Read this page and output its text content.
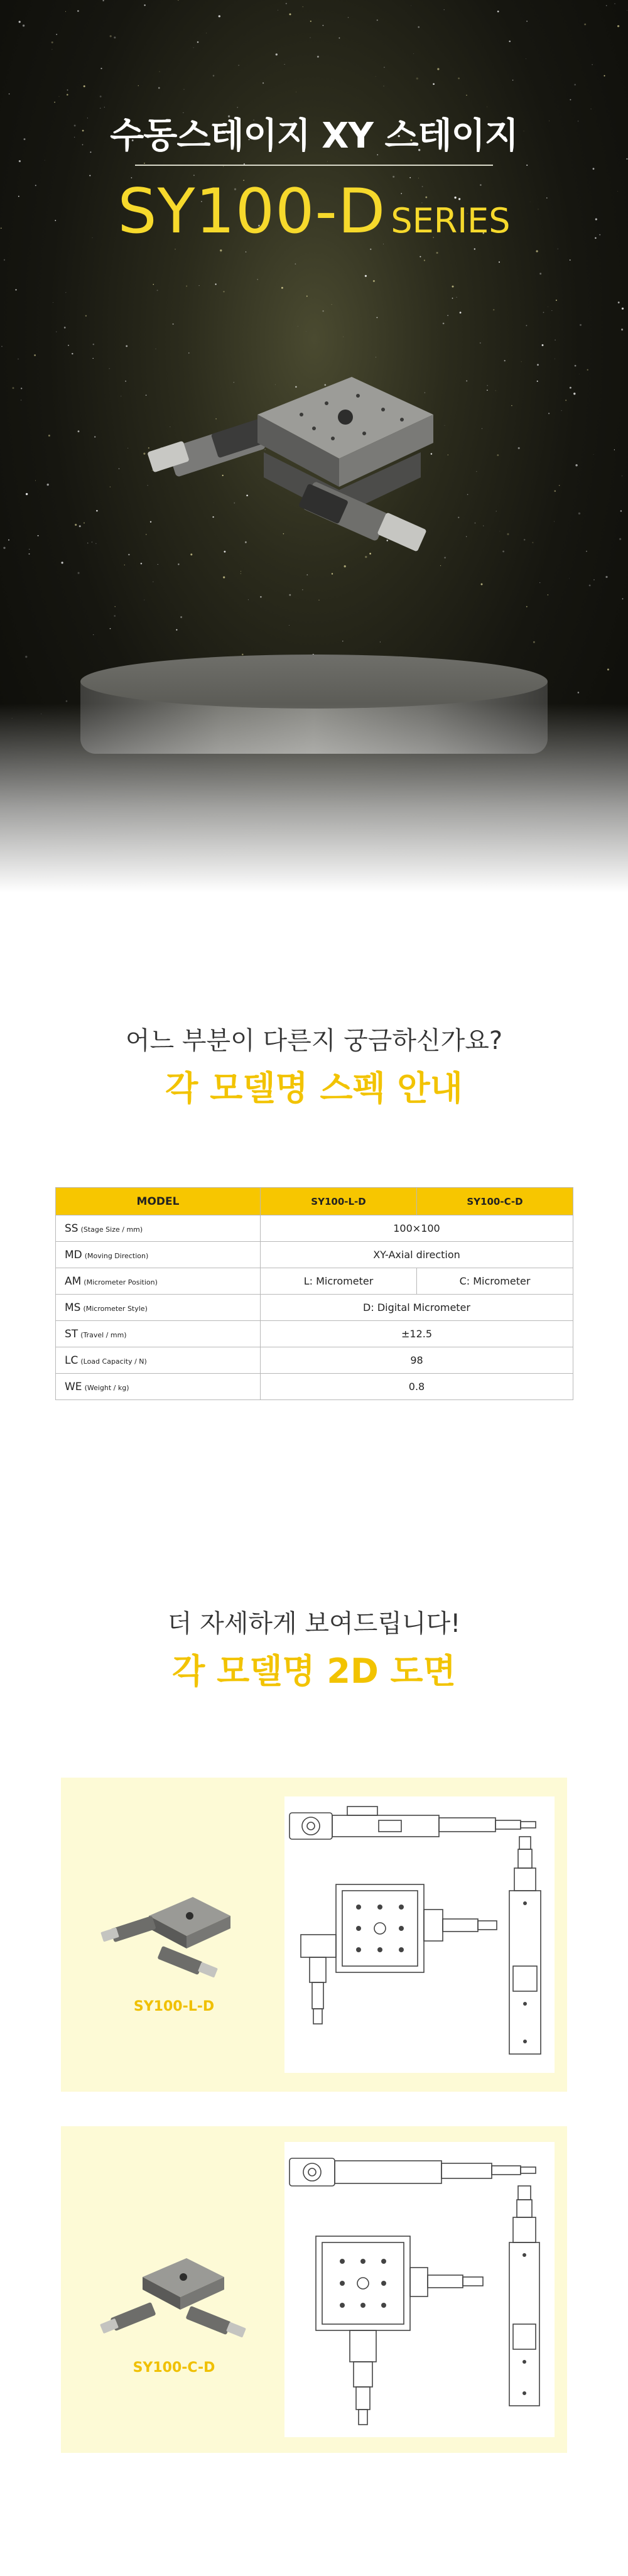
수동스테이지 XY 스테이지
SY100-D SERIES
어느 부분이 다른지 궁금하신가요?
각 모델명 스펙 안내
MODEL	SY100-L-D	SY100-C-D
SS (Stage Size / mm)	100×100	
MD (Moving Direction)	XY-Axial direction	
AM (Micrometer Position)	L: Micrometer	C: Micrometer
MS (Micrometer Style)	D: Digital Micrometer	
ST (Travel / mm)	±12.5	
LC (Load Capacity / N)	98	
WE (Weight / kg)	0.8	
더 자세하게 보여드립니다!
각 모델명 2D 도면
SY100-L-D
SY100-C-D
